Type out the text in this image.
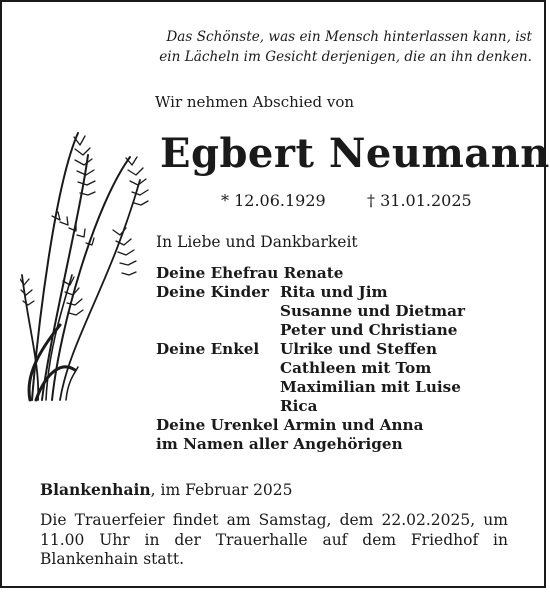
Das Schönste, was ein Mensch hinterlassen kann, ist
ein Lächeln im Gesicht derjenigen, die an ihn denken.
Wir nehmen Abschied von
Egbert Neumann
* 12.06.1929	† 31.01.2025
In Liebe und Dankbarkeit
Deine Ehefrau Renate
Deine Kinder Rita und Jim
Susanne und Dietmar
Peter und Christiane
Deine Enkel	Ulrike und Steffen
Cathleen mit Tom
Maximilian mit Luise
Rica
Deine Urenkel Armin und Anna
im Namen aller Angehörigen
Blankenhain, im Februar 2025
Die Trauerfeier findet am Samstag, dem 22.02.2025, um 11.00 Uhr in der Trauerhalle auf dem Friedhof in Blankenhain statt.
